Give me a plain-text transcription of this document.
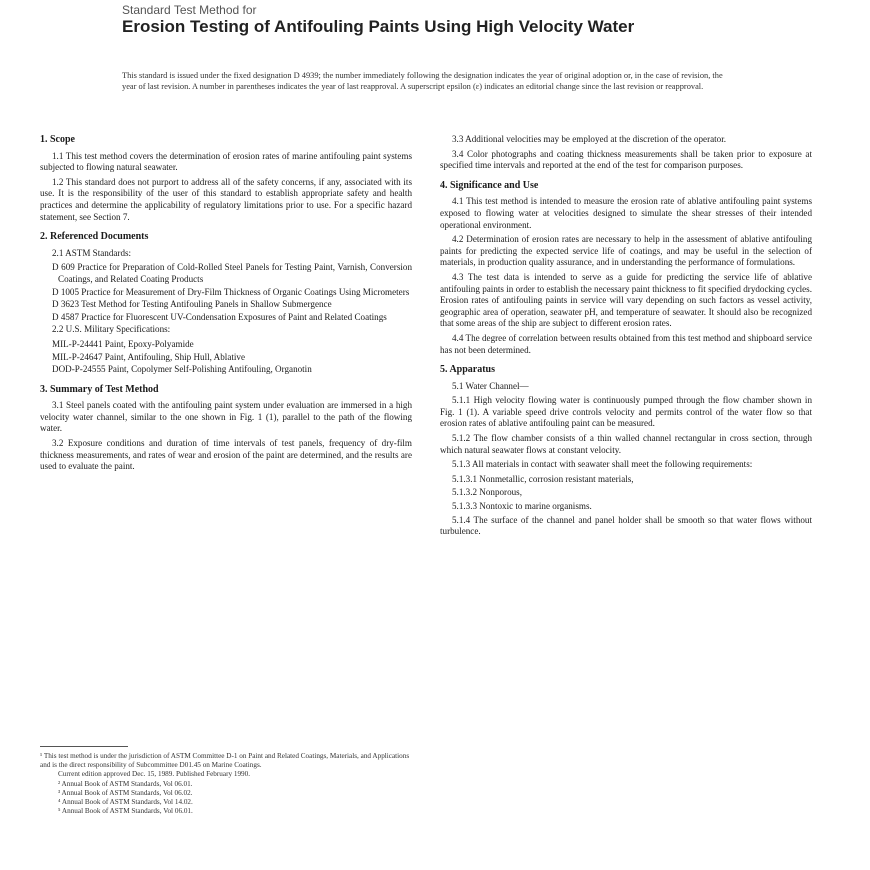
Standard Test Method for
Erosion Testing of Antifouling Paints Using High Velocity Water
This standard is issued under the fixed designation D 4939; the number immediately following the designation indicates the year of original adoption or, in the case of revision, the year of last revision. A number in parentheses indicates the year of last reapproval. A superscript epsilon (ε) indicates an editorial change since the last revision or reapproval.
1. Scope

1.1 This test method covers the determination of erosion rates of marine antifouling paint systems subjected to flowing natural seawater.

1.2 This standard does not purport to address all of the safety concerns, if any, associated with its use. It is the responsibility of the user of this standard to establish appropriate safety and health practices and determine the applicability of regulatory limitations prior to use. For a specific hazard statement, see Section 7.

2. Referenced Documents

2.1 ASTM Standards:

D 609 Practice for Preparation of Cold-Rolled Steel Panels for Testing Paint, Varnish, Conversion Coatings, and Related Coating Products
D 1005 Practice for Measurement of Dry-Film Thickness of Organic Coatings Using Micrometers
D 3623 Test Method for Testing Antifouling Panels in Shallow Submergence
D 4587 Practice for Fluorescent UV-Condensation Exposures of Paint and Related Coatings

2.2 U.S. Military Specifications:

MIL-P-24441 Paint, Epoxy-Polyamide
MIL-P-24647 Paint, Antifouling, Ship Hull, Ablative
DOD-P-24555 Paint, Copolymer Self-Polishing Antifouling, Organotin
3. Summary of Test Method

3.1 Steel panels coated with the antifouling paint system under evaluation are immersed in a high velocity water channel, similar to the one shown in Fig. 1 (1), parallel to the path of the flowing water.

3.2 Exposure conditions and duration of time intervals of test panels, frequency of dry-film thickness measurements, and rates of wear and erosion of the paint are determined, and the results are used to evaluate the paint.

¹ This test method is under the jurisdiction of ASTM Committee D-1 on Paint and Related Coatings, Materials, and Applications and is the direct responsibility of Subcommittee D01.45 on Marine Coatings.
Current edition approved Dec. 15, 1989. Published February 1990.
² Annual Book of ASTM Standards, Vol 06.01.
³ Annual Book of ASTM Standards, Vol 06.02.
⁴ Annual Book of ASTM Standards, Vol 14.02.
⁵ Annual Book of ASTM Standards, Vol 06.01.

3.3 Additional velocities may be employed at the discretion of the operator.

3.4 Color photographs and coating thickness measurements shall be taken prior to exposure at specified time intervals and reported at the end of the test for comparison purposes.

4. Significance and Use

4.1 This test method is intended to measure the erosion rate of ablative antifouling paint systems exposed to flowing water at velocities designed to simulate the shear stresses of their intended operational environment.

4.2 Determination of erosion rates are necessary to help in the assessment of ablative antifouling paints for predicting the expected service life of coatings, and may be useful in the selection of materials, in production quality assurance, and in understanding the performance of formulations.

4.3 The test data is intended to serve as a guide for predicting the service life of ablative antifouling paints in order to establish the necessary paint thickness to fit specified drydocking cycles. Erosion rates of antifouling paints in service will vary depending on such factors as vessel activity, geographic area of operation, seawater pH, and temperature of seawater. It should also be recognized that some areas of the ship are subject to different erosion rates.

4.4 The degree of correlation between results obtained from this test method and shipboard service has not been determined.

5. Apparatus

5.1 Water Channel—

5.1.1 High velocity flowing water is continuously pumped through the flow chamber shown in Fig. 1 (1). A variable speed drive controls velocity and permits control of the water flow so that erosion rates of ablative antifouling paint can be measured.

5.1.2 The flow chamber consists of a thin walled channel rectangular in cross section, through which natural seawater flows at constant velocity.

5.1.3 All materials in contact with seawater shall meet the following requirements:

5.1.3.1 Nonmetallic, corrosion resistant materials,
5.1.3.2 Nonporous,
5.1.3.3 Nontoxic to marine organisms.

5.1.4 The surface of the channel and panel holder shall be smooth so that water flows without turbulence.
